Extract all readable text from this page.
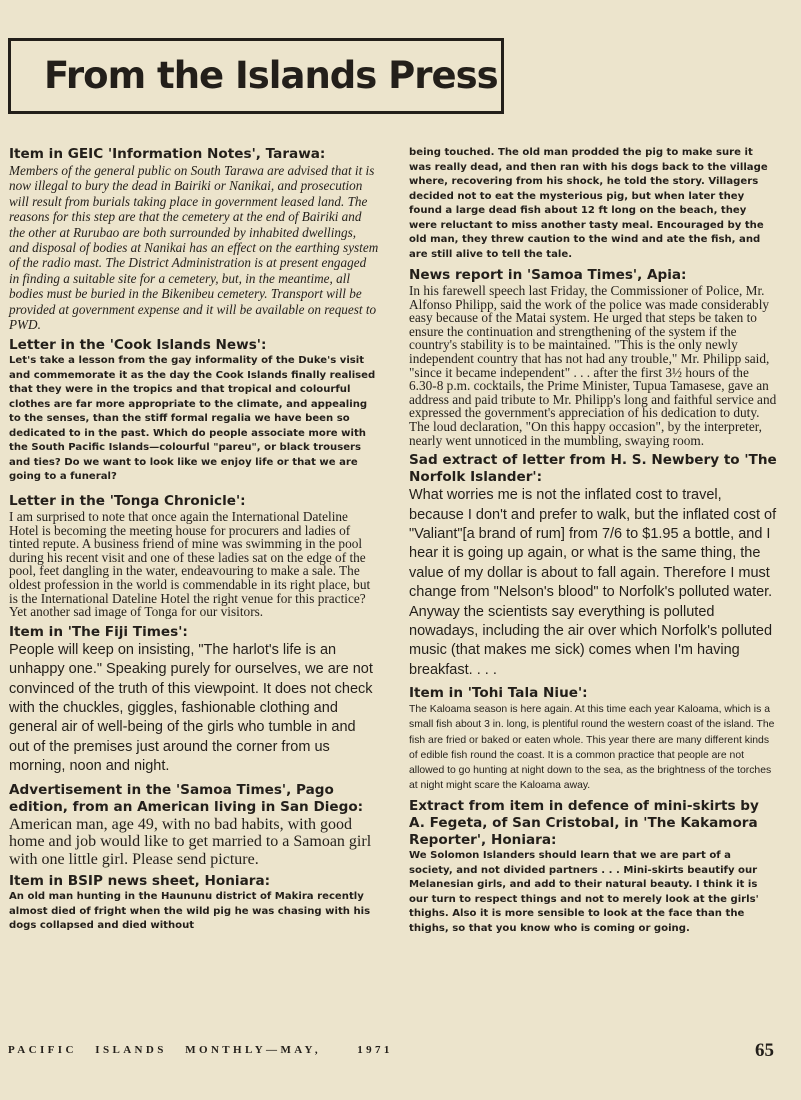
From the Islands Press
Item in GEIC 'Information Notes', Tarawa:

Members of the general public on South Tarawa are advised that it is now illegal to bury the dead in Bairiki or Nanikai, and prosecution will result from burials taking place in government leased land. The reasons for this step are that the cemetery at the end of Bairiki and the other at Rurubao are both surrounded by inhabited dwellings, and disposal of bodies at Nanikai has an effect on the earthing system of the radio mast. The District Administration is at present engaged in finding a suitable site for a cemetery, but, in the meantime, all bodies must be buried in the Bikenibeu cemetery. Transport will be provided at government expense and it will be available on request to PWD.

Letter in the 'Cook Islands News':

Let's take a lesson from the gay informality of the Duke's visit and commemorate it as the day the Cook Islands finally realised that they were in the tropics and that tropical and colourful clothes are far more appropriate to the climate, and appealing to the senses, than the stiff formal regalia we have been so dedicated to in the past. Which do people associate more with the South Pacific Islands—colourful "pareu", or black trousers and ties? Do we want to look like we enjoy life or that we are going to a funeral?

Letter in the 'Tonga Chronicle':

I am surprised to note that once again the International Dateline Hotel is becoming the meeting house for procurers and ladies of tinted repute. A business friend of mine was swimming in the pool during his recent visit and one of these ladies sat on the edge of the pool, feet dangling in the water, endeavouring to make a sale. The oldest profession in the world is commendable in its right place, but is the International Dateline Hotel the right venue for this practice? Yet another sad image of Tonga for our visitors.

Item in 'The Fiji Times':

People will keep on insisting, "The harlot's life is an unhappy one." Speaking purely for ourselves, we are not convinced of the truth of this viewpoint. It does not check with the chuckles, giggles, fashionable clothing and general air of well-being of the girls who tumble in and out of the premises just around the corner from us morning, noon and night.

Advertisement in the 'Samoa Times', Pago edition, from an American living in San Diego:

American man, age 49, with no bad habits, with good home and job would like to get married to a Samoan girl with one little girl. Please send picture.

Item in BSIP news sheet, Honiara:

An old man hunting in the Haununu district of Makira recently almost died of fright when the wild pig he was chasing with his dogs collapsed and died without

being touched. The old man prodded the pig to make sure it was really dead, and then ran with his dogs back to the village where, recovering from his shock, he told the story. Villagers decided not to eat the mysterious pig, but when later they found a large dead fish about 12 ft long on the beach, they were reluctant to miss another tasty meal. Encouraged by the old man, they threw caution to the wind and ate the fish, and are still alive to tell the tale.

News report in 'Samoa Times', Apia:

In his farewell speech last Friday, the Commissioner of Police, Mr. Alfonso Philipp, said the work of the police was made considerably easy because of the Matai system. He urged that steps be taken to ensure the continuation and strengthening of the system if the country's stability is to be maintained. "This is the only newly independent country that has not had any trouble," Mr. Philipp said, "since it became independent" . . . after the first 3½ hours of the 6.30-8 p.m. cocktails, the Prime Minister, Tupua Tamasese, gave an address and paid tribute to Mr. Philipp's long and faithful service and expressed the government's appreciation of his dedication to duty. The loud declaration, "On this happy occasion", by the interpreter, nearly went unnoticed in the mumbling, swaying room.

Sad extract of letter from H. S. Newbery to 'The Norfolk Islander':

What worries me is not the inflated cost to travel, because I don't and prefer to walk, but the inflated cost of "Valiant"[a brand of rum] from 7/6 to $1.95 a bottle, and I hear it is going up again, or what is the same thing, the value of my dollar is about to fall again. Therefore I must change from "Nelson's blood" to Norfolk's polluted water. Anyway the scientists say everything is polluted nowadays, including the air over which Norfolk's polluted music (that makes me sick) comes when I'm having breakfast. . . .

Item in 'Tohi Tala Niue':

The Kaloama season is here again. At this time each year Kaloama, which is a small fish about 3 in. long, is plentiful round the western coast of the island. The fish are fried or baked or eaten whole. This year there are many different kinds of edible fish round the coast. It is a common practice that people are not allowed to go hunting at night down to the sea, as the brightness of the torches at night might scare the Kaloama away.

Extract from item in defence of mini-skirts by A. Fegeta, of San Cristobal, in 'The Kakamora Reporter', Honiara:

We Solomon Islanders should learn that we are part of a society, and not divided partners . . . Mini-skirts beautify our Melanesian girls, and add to their natural beauty. I think it is our turn to respect things and not to merely look at the girls' thighs. Also it is more sensible to look at the face than the thighs, so that you know who is coming or going.

PACIFIC   ISLANDS   MONTHLY—MAY,	1971	65
